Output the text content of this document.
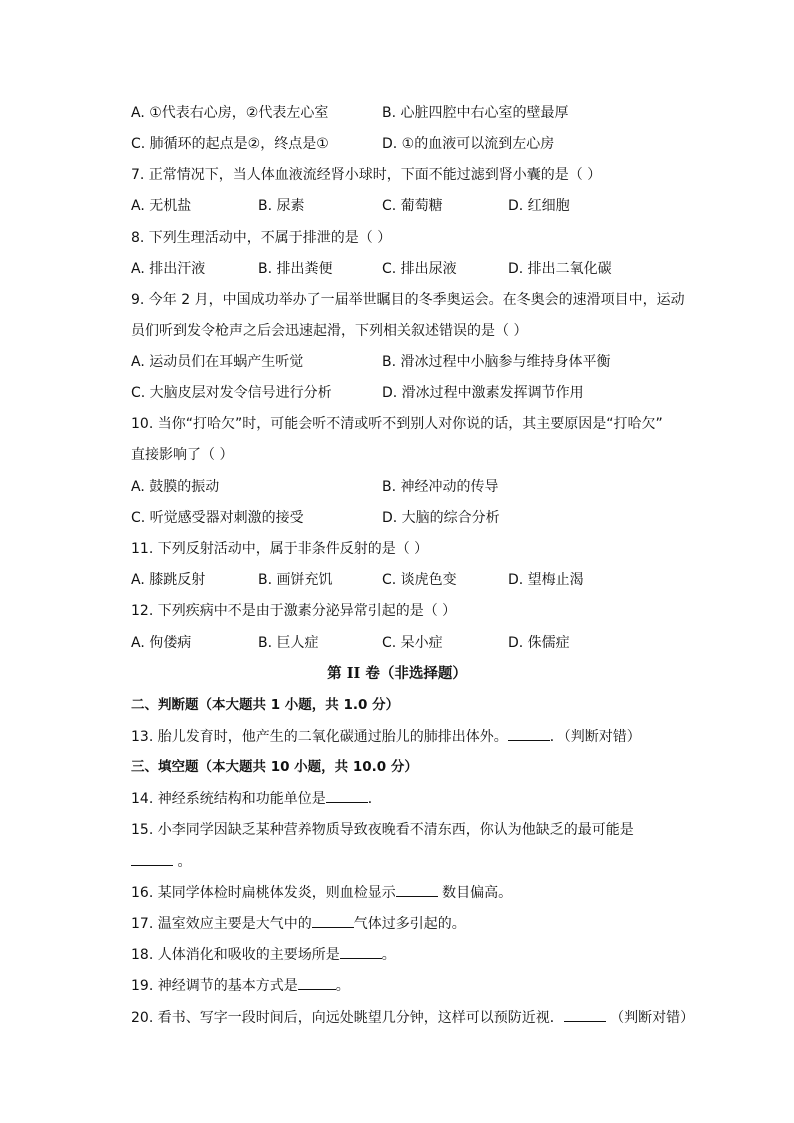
A. ①代表右心房，②代表左心室	B. 心脏四腔中右心室的壁最厚
C. 肺循环的起点是②，终点是①	D. ①的血液可以流到左心房
7. 正常情况下，当人体血液流经肾小球时，下面不能过滤到肾小囊的是（ ）
A. 无机盐	B. 尿素	C. 葡萄糖	D. 红细胞
8. 下列生理活动中，不属于排泄的是（ ）
A. 排出汗液	B. 排出粪便	C. 排出尿液	D. 排出二氧化碳
9. 今年 2 月，中国成功举办了一届举世瞩目的冬季奥运会。在冬奥会的速滑项目中，运动
员们听到发令枪声之后会迅速起滑，下列相关叙述错误的是（ ）
A. 运动员们在耳蜗产生听觉	B. 滑冰过程中小脑参与维持身体平衡
C. 大脑皮层对发令信号进行分析	D. 滑冰过程中激素发挥调节作用
10. 当你“打哈欠”时，可能会听不清或听不到别人对你说的话，其主要原因是“打哈欠”
直接影响了（ ）
A. 鼓膜的振动	B. 神经冲动的传导
C. 听觉感受器对刺激的接受	D. 大脑的综合分析
11. 下列反射活动中，属于非条件反射的是（ ）
A. 膝跳反射	B. 画饼充饥	C. 谈虎色变	D. 望梅止渴
12. 下列疾病中不是由于激素分泌异常引起的是（ ）
A. 佝偻病	B. 巨人症	C. 呆小症	D. 侏儒症
第 II 卷（非选择题）
二、判断题（本大题共 1 小题，共 1.0 分）
13. 胎儿发育时，他产生的二氧化碳通过胎儿的肺排出体外。	．（判断对错）
三、填空题（本大题共 10 小题，共 10.0 分）
14. 神经系统结构和功能单位是	．
15. 小李同学因缺乏某种营养物质导致夜晚看不清东西，你认为他缺乏的最可能是
。
16. 某同学体检时扁桃体发炎，则血检显示	数目偏高。
17. 温室效应主要是大气中的	气体过多引起的。
18. 人体消化和吸收的主要场所是	。
19. 神经调节的基本方式是	。
20. 看书、写字一段时间后，向远处眺望几分钟，这样可以预防近视．	（判断对错）
